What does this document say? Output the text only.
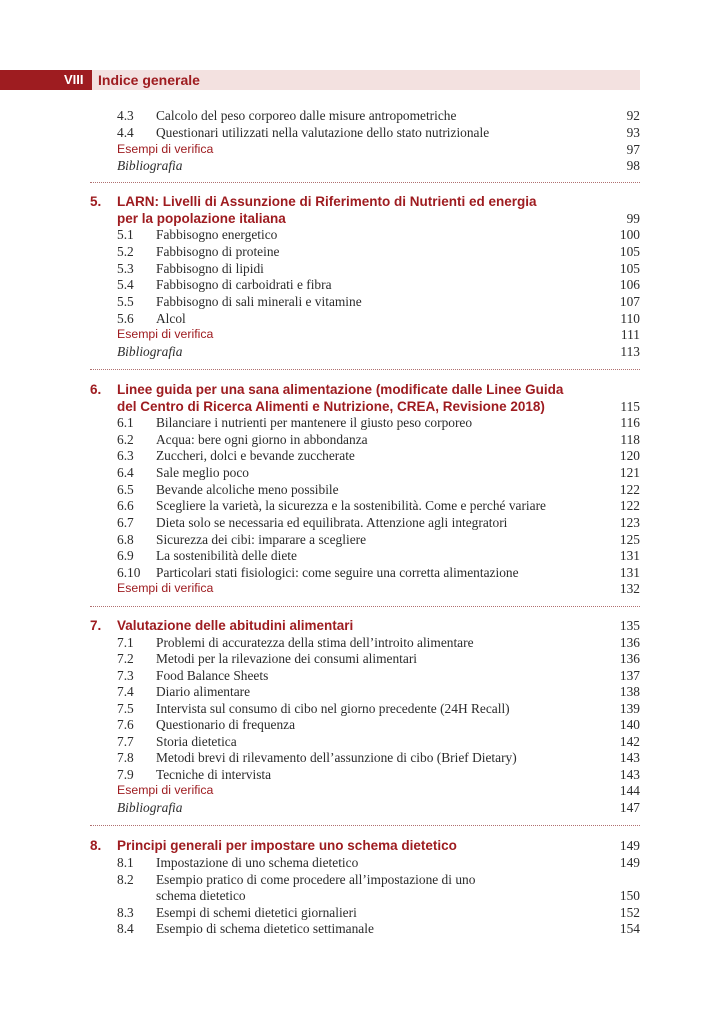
VIII	Indice generale
4.3 Calcolo del peso corporeo dalle misure antropometriche	92
4.4 Questionari utilizzati nella valutazione dello stato nutrizionale	93
Esempi di verifica	97
Bibliografia	98
5. LARN: Livelli di Assunzione di Riferimento di Nutrienti ed energia
per la popolazione italiana	99
5.1 Fabbisogno energetico	100
5.2 Fabbisogno di proteine	105
5.3 Fabbisogno di lipidi	105
5.4 Fabbisogno di carboidrati e fibra	106
5.5 Fabbisogno di sali minerali e vitamine	107
5.6 Alcol	110
Esempi di verifica	111
Bibliografia	113
6. Linee guida per una sana alimentazione (modificate dalle Linee Guida
del Centro di Ricerca Alimenti e Nutrizione, CREA, Revisione 2018)	115
6.1 Bilanciare i nutrienti per mantenere il giusto peso corporeo	116
6.2 Acqua: bere ogni giorno in abbondanza	118
6.3 Zuccheri, dolci e bevande zuccherate	120
6.4 Sale meglio poco	121
6.5 Bevande alcoliche meno possibile	122
6.6 Scegliere la varietà, la sicurezza e la sostenibilità. Come e perché variare	122
6.7 Dieta solo se necessaria ed equilibrata. Attenzione agli integratori	123
6.8 Sicurezza dei cibi: imparare a scegliere	125
6.9 La sostenibilità delle diete	131
6.10 Particolari stati fisiologici: come seguire una corretta alimentazione	131
Esempi di verifica	132
7. Valutazione delle abitudini alimentari	135
7.1 Problemi di accuratezza della stima dell’introito alimentare	136
7.2 Metodi per la rilevazione dei consumi alimentari	136
7.3 Food Balance Sheets	137
7.4 Diario alimentare	138
7.5 Intervista sul consumo di cibo nel giorno precedente (24H Recall)	139
7.6 Questionario di frequenza	140
7.7 Storia dietetica	142
7.8 Metodi brevi di rilevamento dell’assunzione di cibo (Brief Dietary)	143
7.9 Tecniche di intervista	143
Esempi di verifica	144
Bibliografia	147
8. Principi generali per impostare uno schema dietetico	149
8.1 Impostazione di uno schema dietetico	149
8.2 Esempio pratico di come procedere all’impostazione di uno
schema dietetico	150
8.3 Esempi di schemi dietetici giornalieri	152
8.4 Esempio di schema dietetico settimanale	154
